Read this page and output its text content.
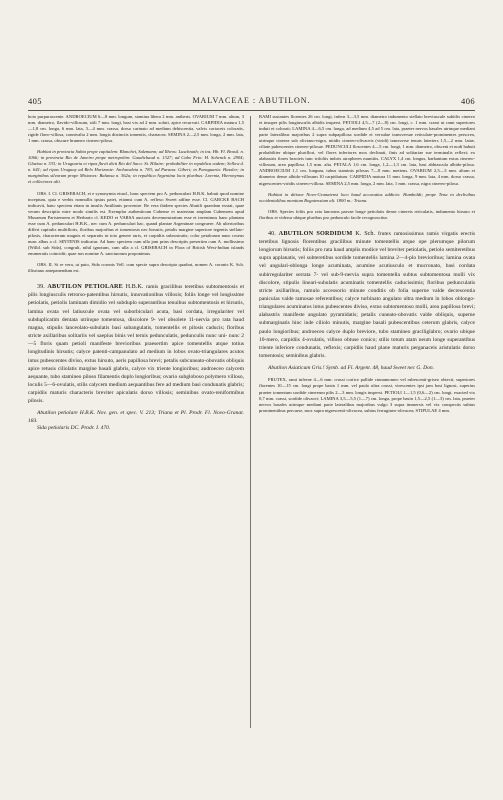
405	MALVACEAE : ABUTILON.	406

hoto purpurascente. ANDROECIUM 6—8 mm. longum, stamina libera 2 mm. antheris. OVARIUM 7 mm. altum, 3 mm. diametro, flavido-villosum, stili 7 mm. longi, basi vix ad 2 mm. soluti, apice recurvati. CARPIDIA matura 1,5—1,8 cm. longa, 6 mm. lata, 3—4 mm. crassa, dorso carinato ad medium dehiscentia, valvis coriaceis coloratis, rigide flavo-villosa, connivalia 2 mm. longis distinctis tomentis, chartacea. SEMINA 2—2,5 mm. longa, 2 mm. lata, 1 mm. crassa, obscure brunneo cinereo-pilosa.

Habitat in provincia Sabia prope capitalem: Blanchet, Salzmann; ad Ilheos: Luschnath; in ins. Hb. Fl. Brasil. n. 1066; in provincia Rio de Janeiro prope metropolim: Gaudichaud n. 1327; ad Cabo Frio: H. Schenck n. 2904; Glaziou n. 333; in Uruguaria et ripas fluvii dicti Rio del Saco: St. Hilaire: probabiliter in republica eadem; Sellow d. n. 641; ad ripas Uruguay ad Belo Horizonte: Archavaleta n. 783; ad Parana: Gibert; in Paraguaria: Hassler; in marginibus silvarum prope Misiones: Balansa n. 362a; in republica Argentina locis pluribus: Lorentz, Hieronymus et collectores alii.

OBS. I. Cl. GRISEBACH, et e synonymia eiusd., hanc speciem pro A. pedunculari H.B.K. habuit quod nomine inceptum, quia e verbis nonnullis ipsius patet, etiamsi cum A. reflexo Sweet adfine esse. Cl. GARCKE BACH indicavit, hanc speciem etiam in insulis Antillanis provenire. Re vera ibidem species Abutili quaedam exstat, quae verum descriptio mire modo similis est. Exemplar authenticum Cubense et materiam amplam Cubensem apud Musaeum Parisiensem et Herbario cl. KEDO et VARSA auctoris decemonstratum esse et invenimus hanc plantam esse cum A. pedunculari H.B.K., nec cum A. pedunculari hac, quand plantae Argentinae congruere. Ab ulterioribus differt capitulis multifloris, floribus majoribus et tomentosis nec hirsutis, petalis margine superiore tegentis stellato-pilosis, characterum magnis et separatis in toto genere raris, et carpidiis subrostratis; color petalorum nunc roseus nunc albus a cl. SINTENIS indicatur. Ad hanc speciem cum ulla jam prius descriptis presertim cum A. mollissimo (Willd. sub Sida), congrult, nihil ignotum, cum ulla a cl. GRISEBACH in Flora of British West-Indian islands enumeratis coincidit; quae nos nomine A. sanctuorum proponimus.

OBS. II. Si re vera, ut puto, Sida coronis Vell. cum specie supra descripta quadrat, nomen A. coronis K. Sch. illisriano antepanendum est.

39. ABUTILON PETIOLARE H.B.K. ramis gracilibus teretibus subtomentosis et pilis longiusculis retrorso-patentibus hirsutis, innovationibus villosis; foliis longe vel longissime petiolatis, petiolis laminam dimidio vel subduplo superantibus tenuibus subtomentosis et hirsutis, lamina ovata vel latiuscule ovata vel suborbiculari acuta, basi cordata, irregulariter vel subduplicatim dentata utrinque tomentosa, discolore 9- vel obsolete 11-nervia pro rata haud magna, stipulis lanceolato-subulatis basi subangulatis, tomentellis et pilosis caducis; floribus stricte axillaribus solitariis vel saepius binis vel ternis pedunculatis, pedunculis nunc uni- nunc 2—5 floris quam petioli manifeste brevioribus praesertim apice tomentellis atque totius longitudinis hirsutis; calyce patenti-campanulato ad medium in lobos ovato-triangulares acutos intus pubescentes diviso, extus hirsuto, aeris papillosa brevi; petalis subcuneato-obovatis obliquis apice retusis ciliolatis margine basali glabris, calyce vix triente longioribus; androeceo calycem aequante, tubo stamineo piloso filamentis duplo longioribus; ovario subgloboso polymero villoso, loculis 5—6-ovulatis, stilis calycem medium aequantibus fere ad medium basi condunatis glabris; carpidiis maturis characteris breviter apiculatis dorso villosis; seminibus ovato-reniformibus pilosis.

Abutilon petiolare H.B.K. Nov. gen. et spec. V. 213; Triana et Pl. Prodr. Fl. Novo-Granat. 183.

Sida petiolaris DC. Prodr. I. 470.

RAMI sustantes florentes 26 cm. longi, infern 3—3,5 mm. diametro indumento stellato breviuscule subtilis cinereo et insuper pilis longiusculis albidis inspersi. PETIOLI 4,5—7 (2—8) cm. longi, c. 1 mm. crassi ut rami superiores induti et colorati; LAMINA 4—6,5 cm. longa, ad medium 4,5 ad 5 cm. lata, praeter nervos basales utrinque mediani parte lateralibus majoribus 2 supra subpapillosa sordide et versulae transversae reticulate-prominentes perscrea, utrinque cinerea sub oliviano-nigra, nitidis cinereo-olivaceis (viridi) transverse tenuis lateriers 1,5—2 mm. latae, ciliate pubescentes cinereo-pilosae. PEDUNCULI floscentes 4—5 cm. longi, 1 mm. diametro, obsceni et nodi habuit probabiliter ubique pluriflori, vel flores inferiores mox declinati, finis ad solitariae sue terminalis reflexi; ex alabastris fiores bracteis tunc trifoliis imbris atropheres munitiis. CALYX 1,4 cm. longus, barbantum extus cinereo-villosum, area papillosa 1,5 mm. alta. PETALA 1,6 cm. longa, 1,2—1,3 cm. lata, basi abbiascula albido-pilosa. ANDROECIUM 1,1 cm. longum, tubus staminis pilosus 7—8 mm. metiens. OVARIUM 2,5—3 mm. altum et diametro dense albido-villosum 10 carpidiatum. CARPIDIA matura 11 mm. longa, 9 mm. lata, 4 mm. dorso crassa, nigrescentes-viridis cinereo-villosa. SEMINA 2,5 mm. longa, 2 mm. lata, 1 mm. crassa, nigra cinereo-pilosa.

Habitat in ditione Novo-Granatensi loco haud accuratius addicto: Humboldt; prope Tena in declivibus occidentalibus montium Bogotensium alt. 1800 m.: Triana.

OBS. Species foliis pro rata lanceans parvae longe petiolatis dense cinereis reticulatis, indumento hirsuto et floribus et viderur ubique pluribus pro pedunculo facile recognoscitur.

40. ABUTILON SORDIDUM K. Sch. frutex ramosissimus ramis virgatis erectis teretibus lignosis florentibus gracilibus minute tomentellis atque ope plerumque pilorum longiorum hirsutis; foliis pro rata haud amplis modice vel breviter petiolatis, petiolo semiteretibus supra applanatis, vel subteretibus sordide tomentellis lamina 2—4-plo brevioribus; lamina ovata vel angulari-oblonga longe acuminata, acumine acutiusculo et mucronato, basi cordata subirregulariter serrata 7- vel sub-9-nervia supra tomentella subtus subtomentosa molli vix discolore, stipulis lineari-subulatis acuminatis tomentellis caducissimis; floribus pedunculatis stricte axillaribus, ramulo accessorio minute conditis ob folia superne valde decrescentia paniculas valde ramosae referentibus; calyce turbinato angulato ultra medium in lobos oblongo-triangulares acuminatos intus pubescentes diviso, extus subtomentoso molli, area papillosa brevi; alabastris manifeste angulato pyramidatis; petalis cuneato-obovatis valde obliquis, superne submarginatis hinc inde ciliolo minutis, margine basali pubescentibus ceterum glabris, calyce paulo longioribus; androeceo calyce duplo breviore, tubo stamineo graciliglabro; ovario ubique 10-mero, carpidiis 4-ovulatis, villoso obtuse conico; stilis totum atam neum longe superantibus triente inferiore condunatis, reflexis; carpidiis haud plane maturis perganaceis aristulatis dorso tomentosis; seminibus glabris.

Abutilon Asiaticum Gris.! Symb. ad Fl. Argent. 48, haud Sweet nec G. Don.

FRUTEX, rami inferne 4—6 mm. crassi cortice pallide cinnamomeo vel rubescenti-griseo obtecti, superiores florentes 10—15 cm. longi prope basin 1 mm. vel paulo ultra crassi, virescentes ipsi jam basi lignosi, superius praeter tomentum sordide cinereum pilis 2—3 mm. longis inspersi. PETIOLI 1—1,5 (0,6—2) cm. longi, exacted vix 0,7 mm. crassi, sordide olivacei; LAMINA 3,5—5,5 (1—7) cm. longa, prope basin 1,5—2,5 (1—3) cm. lata, praeter nervos basales utrinque mediani parte lateralibus majoribus vulgo 3 supra immersis vel vix conspectis subtus prominentibus percurse, mox supra nigrescenti-olivacea, subtus ferrugineo-olivacea; STIPULAE 4 mm.
